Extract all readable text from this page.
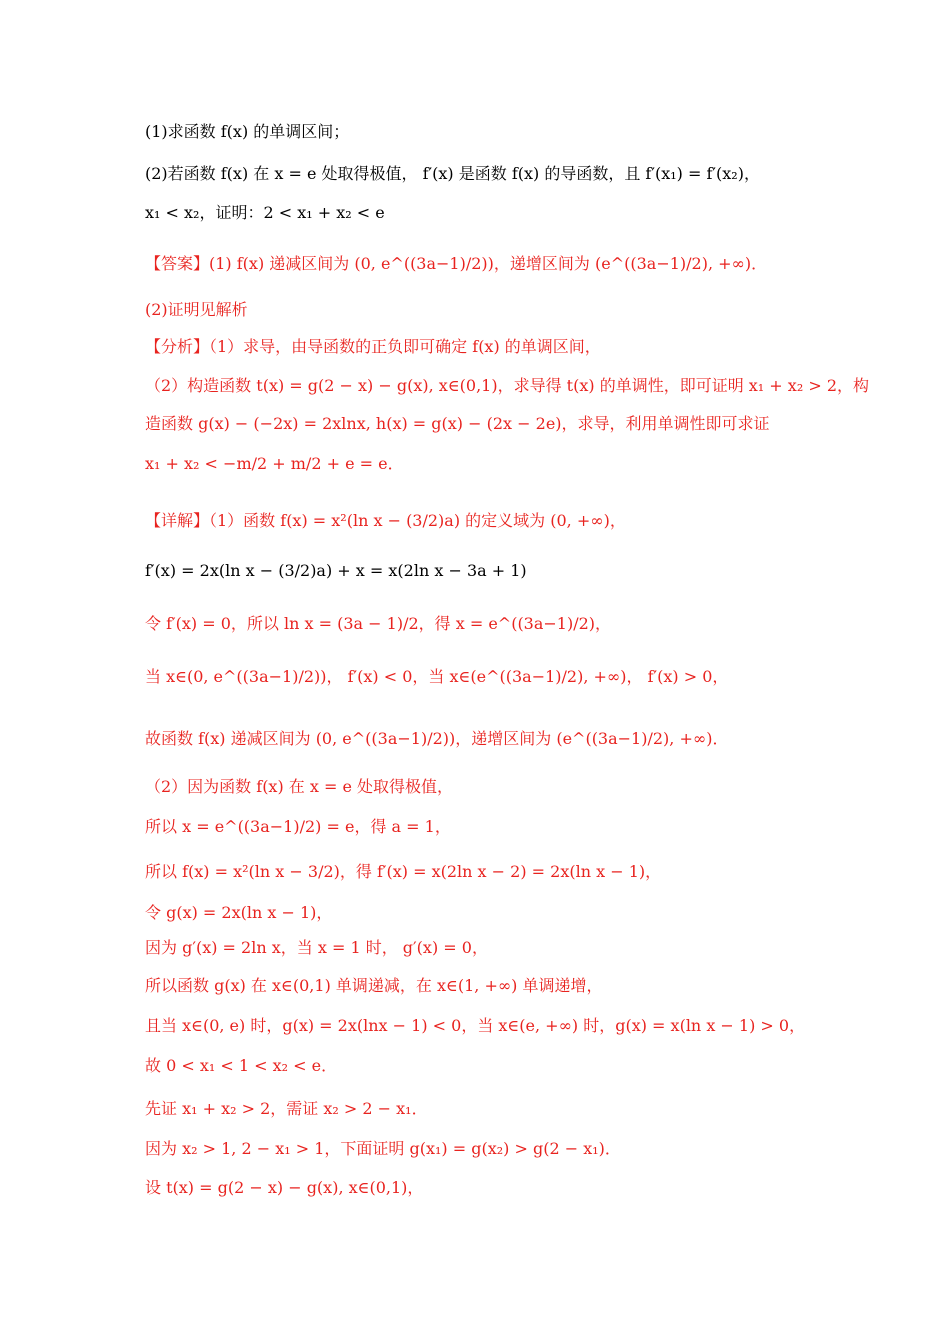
(1)求函数 f(x) 的单调区间；
(2)若函数 f(x) 在 x = e 处取得极值， f′(x) 是函数 f(x) 的导函数，且 f′(x₁) = f′(x₂)，
x₁ < x₂，证明：2 < x₁ + x₂ < e
【答案】(1) f(x) 递减区间为 (0, e^((3a−1)/2))，递增区间为 (e^((3a−1)/2), +∞)．
(2)证明见解析
【分析】（1）求导，由导函数的正负即可确定 f(x) 的单调区间，
（2）构造函数 t(x) = g(2 − x) − g(x), x∈(0,1)，求导得 t(x) 的单调性，即可证明 x₁ + x₂ > 2，构
造函数 g(x) − (−2x) = 2xlnx, h(x) = g(x) − (2x − 2e)，求导，利用单调性即可求证
x₁ + x₂ < −m/2 + m/2 + e = e．
【详解】（1）函数 f(x) = x²(ln x − (3/2)a) 的定义域为 (0, +∞)，
f′(x) = 2x(ln x − (3/2)a) + x = x(2ln x − 3a + 1)
令 f′(x) = 0，所以 ln x = (3a − 1)/2，得 x = e^((3a−1)/2)，
当 x∈(0, e^((3a−1)/2))， f′(x) < 0，当 x∈(e^((3a−1)/2), +∞)， f′(x) > 0，
故函数 f(x) 递减区间为 (0, e^((3a−1)/2))，递增区间为 (e^((3a−1)/2), +∞)．
（2）因为函数 f(x) 在 x = e 处取得极值，
所以 x = e^((3a−1)/2) = e，得 a = 1，
所以 f(x) = x²(ln x − 3/2)，得 f′(x) = x(2ln x − 2) = 2x(ln x − 1)，
令 g(x) = 2x(ln x − 1)，
因为 g′(x) = 2ln x，当 x = 1 时， g′(x) = 0，
所以函数 g(x) 在 x∈(0,1) 单调递减，在 x∈(1, +∞) 单调递增，
且当 x∈(0, e) 时，g(x) = 2x(lnx − 1) < 0，当 x∈(e, +∞) 时，g(x) = x(ln x − 1) > 0，
故 0 < x₁ < 1 < x₂ < e．
先证 x₁ + x₂ > 2，需证 x₂ > 2 − x₁．
因为 x₂ > 1, 2 − x₁ > 1，下面证明 g(x₁) = g(x₂) > g(2 − x₁)．
设 t(x) = g(2 − x) − g(x), x∈(0,1)，
